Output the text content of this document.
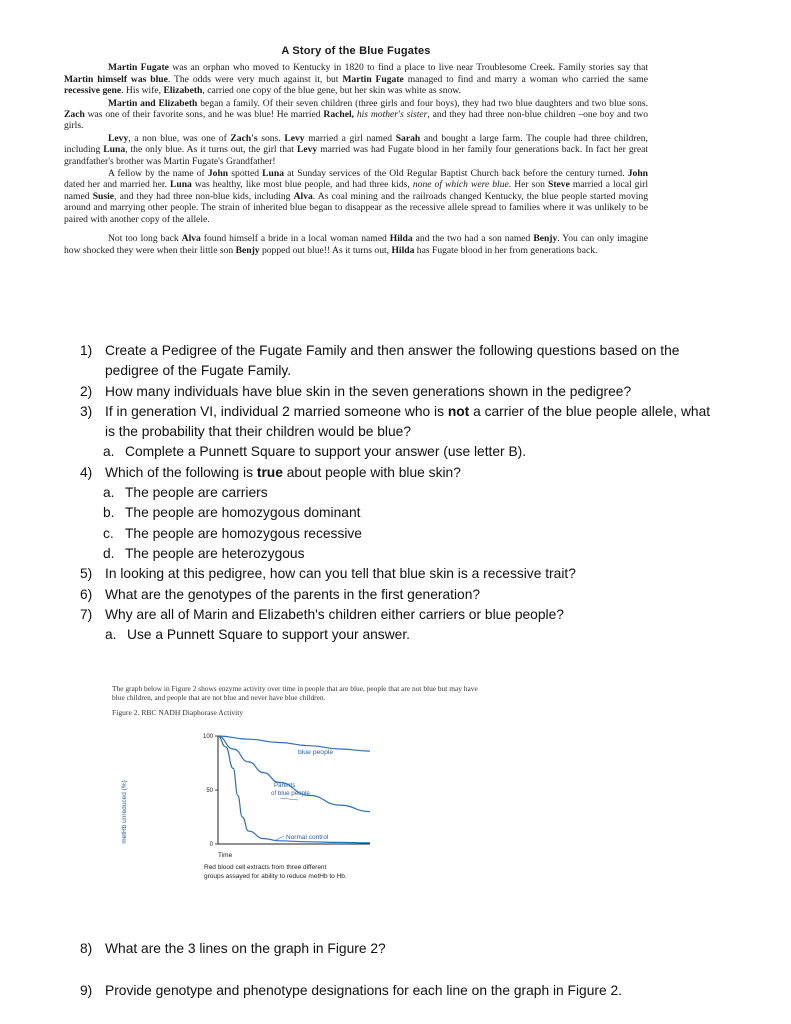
A Story of the Blue Fugates

Martin Fugate was an orphan who moved to Kentucky in 1820 to find a place to live near Troublesome Creek. Family stories say that Martin himself was blue. The odds were very much against it, but Martin Fugate managed to find and marry a woman who carried the same recessive gene. His wife, Elizabeth, carried one copy of the blue gene, but her skin was white as snow.

Martin and Elizabeth began a family. Of their seven children (three girls and four boys), they had two blue daughters and two blue sons. Zach was one of their favorite sons, and he was blue! He married Rachel, his mother's sister, and they had three non-blue children –one boy and two girls.

Levy, a non blue, was one of Zach's sons. Levy married a girl named Sarah and bought a large farm. The couple had three children, including Luna, the only blue. As it turns out, the girl that Levy married was had Fugate blood in her family four generations back. In fact her great grandfather's brother was Martin Fugate's Grandfather!

A fellow by the name of John spotted Luna at Sunday services of the Old Regular Baptist Church back before the century turned. John dated her and married her. Luna was healthy, like most blue people, and had three kids, none of which were blue. Her son Steve married a local girl named Susie, and they had three non-blue kids, including Alva. As coal mining and the railroads changed Kentucky, the blue people started moving around and marrying other people. The strain of inherited blue began to disappear as the recessive allele spread to families where it was unlikely to be paired with another copy of the allele.

Not too long back Alva found himself a bride in a local woman named Hilda and the two had a son named Benjy. You can only imagine how shocked they were when their little son Benjy popped out blue!! As it turns out, Hilda has Fugate blood in her from generations back.

1) Create a Pedigree of the Fugate Family and then answer the following questions based on the pedigree of the Fugate Family.
2) How many individuals have blue skin in the seven generations shown in the pedigree?
3) If in generation VI, individual 2 married someone who is not a carrier of the blue people allele, what is the probability that their children would be blue?
a. Complete a Punnett Square to support your answer (use letter B).
4) Which of the following is true about people with blue skin?
a. The people are carriers
b. The people are homozygous dominant
c. The people are homozygous recessive
d. The people are heterozygous
5) In looking at this pedigree, how can you tell that blue skin is a recessive trait?
6) What are the genotypes of the parents in the first generation?
7) Why are all of Marin and Elizabeth's children either carriers or blue people?
a. Use a Punnett Square to support your answer.
The graph below in Figure 2 shows enzyme activity over time in people that are blue, people that are not blue but may have blue children, and people that are not blue and never have blue children.
Figure 2. RBC NADH Diaphorase Activity
metHb unreduced (%)
Time
Red blood cell extracts from three different
groups assayed for ability to reduce metHb to Hb.
blue people
Parents
of blue people
Normal control
0
50
100
8) What are the 3 lines on the graph in Figure 2?
9) Provide genotype and phenotype designations for each line on the graph in Figure 2.
